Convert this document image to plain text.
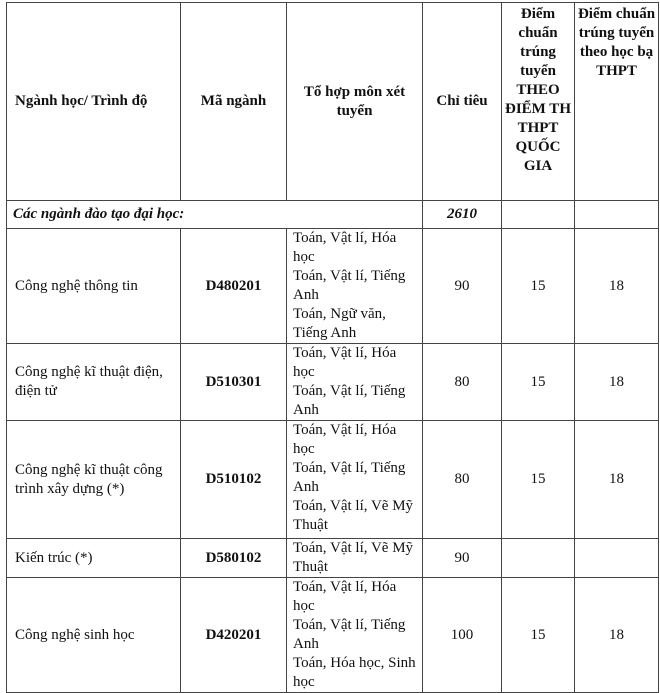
Ngành học/ Trình độ	Mã ngành	Tổ hợp môn xét tuyển	Chỉ tiêu	Điểm chuẩn trúng tuyển THEO ĐIỂM TH THPT QUỐC GIA	Điểm chuẩn trúng tuyển theo học bạ THPT
Các ngành đào tạo đại học:			2610		
Công nghệ thông tin	D480201	Toán, Vật lí, Hóa học
Toán, Vật lí, Tiếng Anh
Toán, Ngữ văn, Tiếng Anh	90	15	18
Công nghệ kĩ thuật điện, điện tử	D510301	Toán, Vật lí, Hóa học
Toán, Vật lí, Tiếng Anh	80	15	18
Công nghệ kĩ thuật công trình xây dựng (*)	D510102	Toán, Vật lí, Hóa học
Toán, Vật lí, Tiếng Anh
Toán, Vật lí, Vẽ Mỹ Thuật	80	15	18
Kiến trúc (*)	D580102	Toán, Vật lí, Vẽ Mỹ Thuật	90		
Công nghệ sinh học	D420201	Toán, Vật lí, Hóa học
Toán, Vật lí, Tiếng Anh
Toán, Hóa học, Sinh học	100	15	18
